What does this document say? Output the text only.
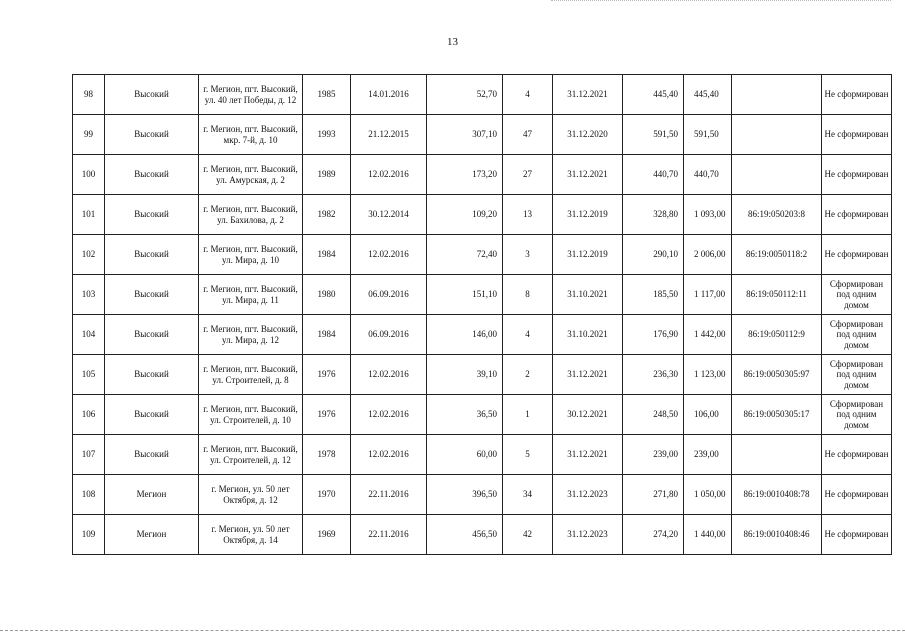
13
98	Высокий	г. Мегион, пгт. Высокий, ул. 40 лет Победы, д. 12	1985	14.01.2016	52,70	4	31.12.2021	445,40	445,40		Не сформирован
99	Высокий	г. Мегион, пгт. Высокий, мкр. 7-й, д. 10	1993	21.12.2015	307,10	47	31.12.2020	591,50	591,50		Не сформирован
100	Высокий	г. Мегион, пгт. Высокий, ул. Амурская, д. 2	1989	12.02.2016	173,20	27	31.12.2021	440,70	440,70		Не сформирован
101	Высокий	г. Мегион, пгт. Высокий, ул. Бахилова, д. 2	1982	30.12.2014	109,20	13	31.12.2019	328,80	1 093,00	86:19:050203:8	Не сформирован
102	Высокий	г. Мегион, пгт. Высокий, ул. Мира, д. 10	1984	12.02.2016	72,40	3	31.12.2019	290,10	2 006,00	86:19:0050118:2	Не сформирован
103	Высокий	г. Мегион, пгт. Высокий, ул. Мира, д. 11	1980	06.09.2016	151,10	8	31.10.2021	185,50	1 117,00	86:19:050112:11	Сформирован под одним домом
104	Высокий	г. Мегион, пгт. Высокий, ул. Мира, д. 12	1984	06.09.2016	146,00	4	31.10.2021	176,90	1 442,00	86:19:050112:9	Сформирован под одним домом
105	Высокий	г. Мегион, пгт. Высокий, ул. Строителей, д. 8	1976	12.02.2016	39,10	2	31.12.2021	236,30	1 123,00	86:19:0050305:97	Сформирован под одним домом
106	Высокий	г. Мегион, пгт. Высокий, ул. Строителей, д. 10	1976	12.02.2016	36,50	1	30.12.2021	248,50	106,00	86:19:0050305:17	Сформирован под одним домом
107	Высокий	г. Мегион, пгт. Высокий, ул. Строителей, д. 12	1978	12.02.2016	60,00	5	31.12.2021	239,00	239,00		Не сформирован
108	Мегион	г. Мегион, ул. 50 лет Октября, д. 12	1970	22.11.2016	396,50	34	31.12.2023	271,80	1 050,00	86:19:0010408:78	Не сформирован
109	Мегион	г. Мегион, ул. 50 лет Октября, д. 14	1969	22.11.2016	456,50	42	31.12.2023	274,20	1 440,00	86:19:0010408:46	Не сформирован
